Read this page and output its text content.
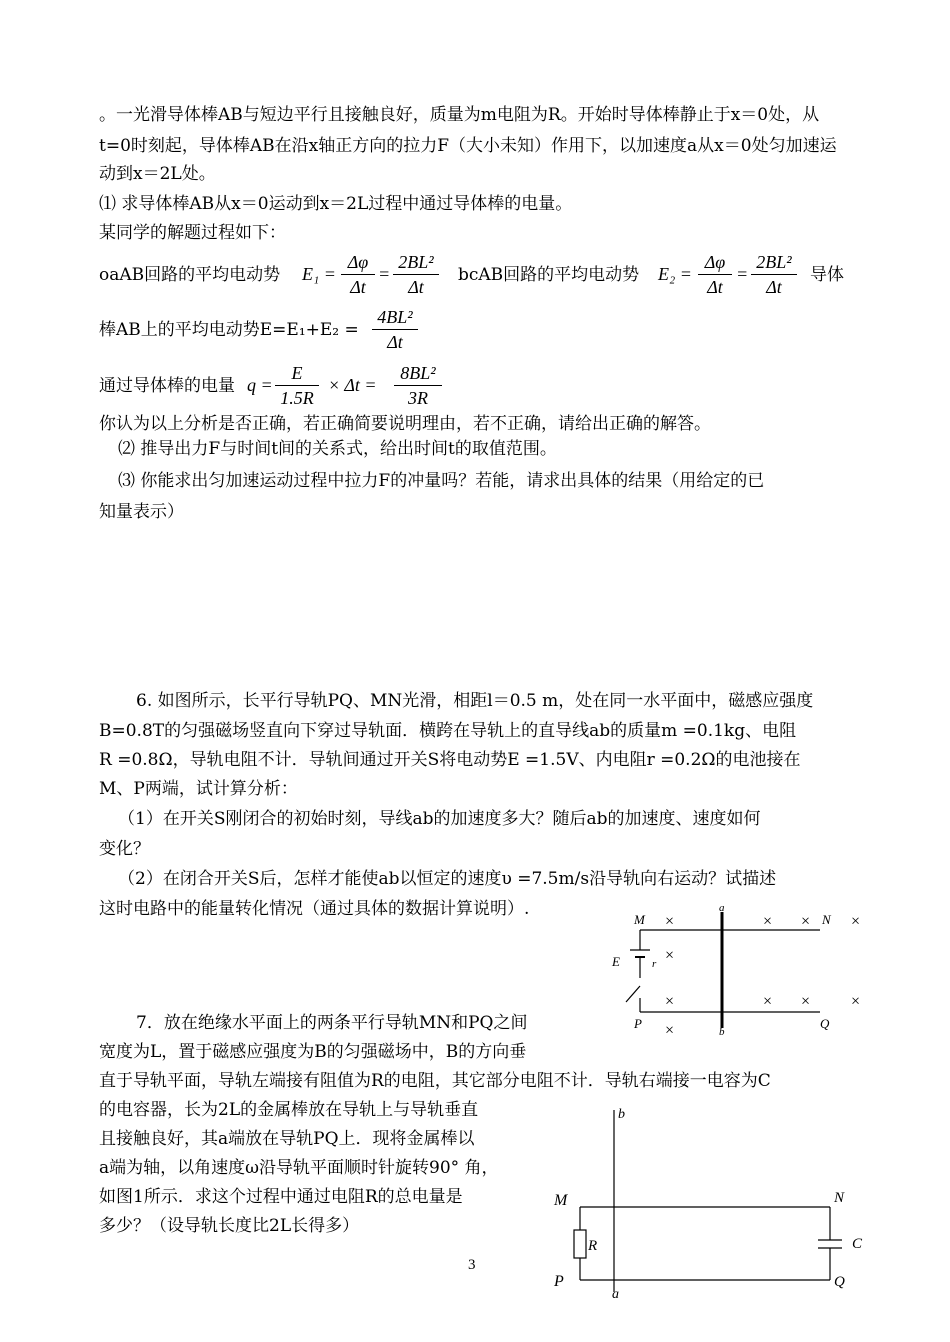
。一光滑导体棒AB与短边平行且接触良好，质量为m电阻为R。开始时导体棒静止于x＝0处，从
t=0时刻起，导体棒AB在沿x轴正方向的拉力F（大小未知）作用下，以加速度a从x＝0处匀加速运
动到x＝2L处。
⑴ 求导体棒AB从x＝0运动到x＝2L过程中通过导体棒的电量。
某同学的解题过程如下：
oaAB回路的平均电动势 $E_1 = \frac{\Delta\varphi}{\Delta t} = \frac{\text{2BL²}}{\Delta t}$ bcAB回路的平均电动势 $E_2 = \frac{\Delta\varphi}{\Delta t} = \frac{\text{2BL²}}{\Delta t}$ 导体
棒AB上的平均电动势$E=E_1+E_2 = \frac{\text{4BL²}}{\Delta t}$
通过导体棒的电量 $q = \frac{E}{1.5R} \times \Delta t = \frac{\text{8BL²}}{3R}$
你认为以上分析是否正确，若正确简要说明理由，若不正确，请给出正确的解答。
⑵ 推导出力F与时间t间的关系式，给出时间t的取值范围。
⑶ 你能求出匀加速运动过程中拉力F的冲量吗？若能，请求出具体的结果（用给定的已
知量表示）
6. 如图所示，长平行导轨PQ、MN光滑，相距l＝0.5 m，处在同一水平面中，磁感应强度
B=0.8T的匀强磁场竖直向下穿过导轨面．横跨在导轨上的直导线ab的质量m =0.1kg、电阻
R =0.8Ω，导轨电阻不计．导轨间通过开关S将电动势E =1.5V、内电阻r =0.2Ω的电池接在
M、P两端，试计算分析：
（1）在开关S刚闭合的初始时刻，导线ab的加速度多大？随后ab的加速度、速度如何
变化？
（2）在闭合开关S后，怎样才能使ab以恒定的速度υ =7.5m/s沿导轨向右运动？试描述
这时电路中的能量转化情况（通过具体的数据计算说明）.
M	N
P	Q
a
b
E	r
×	× × ×
×
×	× × ×
×
7．放在绝缘水平面上的两条平行导轨MN和PQ之间
宽度为L，置于磁感应强度为B的匀强磁场中，B的方向垂
直于导轨平面，导轨左端接有阻值为R的电阻，其它部分电阻不计．导轨右端接一电容为C
的电容器，长为2L的金属棒放在导轨上与导轨垂直
且接触良好，其a端放在导轨PQ上．现将金属棒以
a端为轴，以角速度ω沿导轨平面顺时针旋转90° 角，
如图1所示．求这个过程中通过电阻R的总电量是
多少？（设导轨长度比2L长得多）
M	N
P	Q
R	C
b
a
3
